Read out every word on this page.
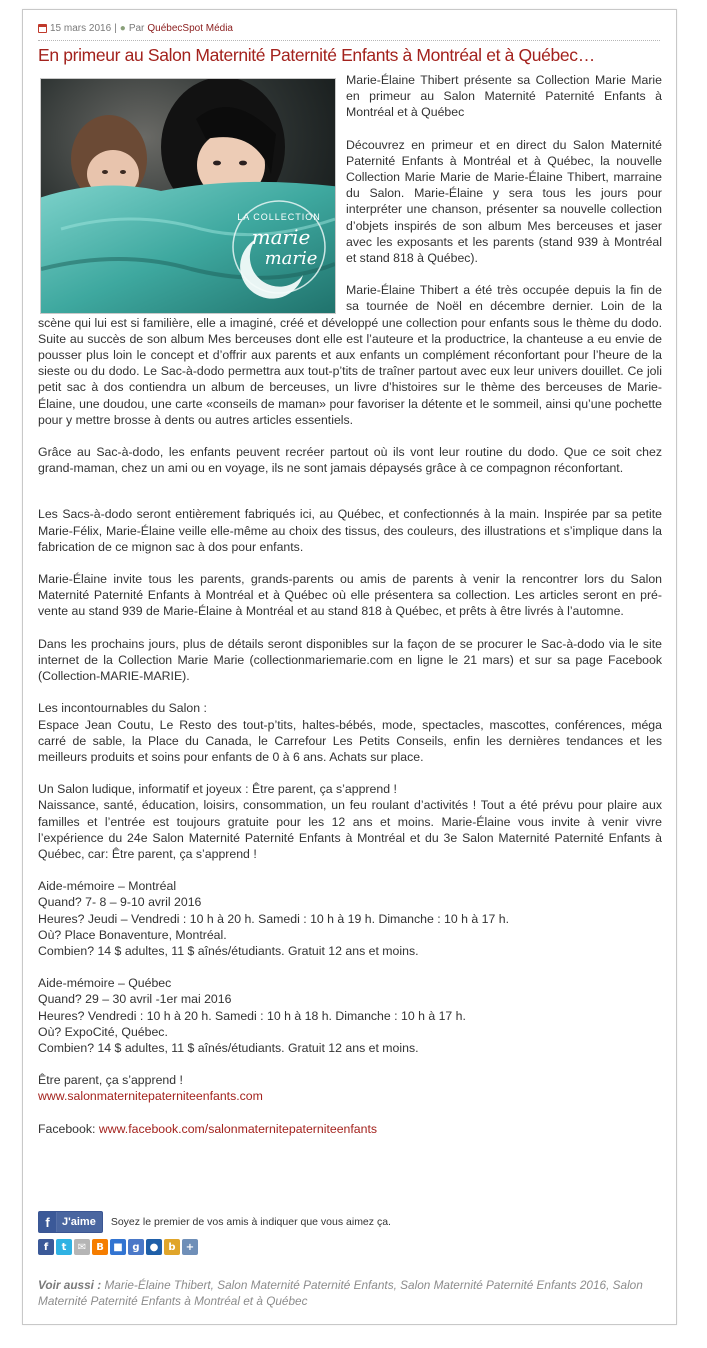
15 mars 2016 | ● Par QuébecSpot Média
En primeur au Salon Maternité Paternité Enfants à Montréal et à Québec…
LA COLLECTION
marie
marie

Marie-Élaine Thibert présente sa Collection Marie Marie en primeur au Salon Maternité Paternité Enfants à Montréal et à Québec

Découvrez en primeur et en direct du Salon Maternité Paternité Enfants à Montréal et à Québec, la nouvelle Collection Marie Marie de Marie-Élaine Thibert, marraine du Salon. Marie-Élaine y sera tous les jours pour interpréter une chanson, présenter sa nouvelle collection d’objets inspirés de son album Mes berceuses et jaser avec les exposants et les parents (stand 939 à Montréal et stand 818 à Québec).

Marie-Élaine Thibert a été très occupée depuis la fin de sa tournée de Noël en décembre dernier. Loin de la scène qui lui est si familière, elle a imaginé, créé et développé une collection pour enfants sous le thème du dodo. Suite au succès de son album Mes berceuses dont elle est l’auteure et la productrice, la chanteuse a eu envie de pousser plus loin le concept et d’offrir aux parents et aux enfants un complément réconfortant pour l’heure de la sieste ou du dodo. Le Sac-à-dodo permettra aux tout-p’tits de traîner partout avec eux leur univers douillet. Ce joli petit sac à dos contiendra un album de berceuses, un livre d’histoires sur le thème des berceuses de Marie-Élaine, une doudou, une carte «conseils de maman» pour favoriser la détente et le sommeil, ainsi qu’une pochette pour y mettre brosse à dents ou autres articles essentiels.

Grâce au Sac-à-dodo, les enfants peuvent recréer partout où ils vont leur routine du dodo. Que ce soit chez grand-maman, chez un ami ou en voyage, ils ne sont jamais dépaysés grâce à ce compagnon réconfortant.

Les Sacs-à-dodo seront entièrement fabriqués ici, au Québec, et confectionnés à la main. Inspirée par sa petite Marie-Félix, Marie-Élaine veille elle-même au choix des tissus, des couleurs, des illustrations et s’implique dans la fabrication de ce mignon sac à dos pour enfants.

Marie-Élaine invite tous les parents, grands-parents ou amis de parents à venir la rencontrer lors du Salon Maternité Paternité Enfants à Montréal et à Québec où elle présentera sa collection. Les articles seront en pré-vente au stand 939 de Marie-Élaine à Montréal et au stand 818 à Québec, et prêts à être livrés à l’automne.

Dans les prochains jours, plus de détails seront disponibles sur la façon de se procurer le Sac-à-dodo via le site internet de la Collection Marie Marie (collectionmariemarie.com en ligne le 21 mars) et sur sa page Facebook (Collection-MARIE-MARIE).

Les incontournables du Salon :
Espace Jean Coutu, Le Resto des tout-p’tits, haltes-bébés, mode, spectacles, mascottes, conférences, méga carré de sable, la Place du Canada, le Carrefour Les Petits Conseils, enfin les dernières tendances et les meilleurs produits et soins pour enfants de 0 à 6 ans. Achats sur place.

Un Salon ludique, informatif et joyeux : Être parent, ça s’apprend !
Naissance, santé, éducation, loisirs, consommation, un feu roulant d’activités ! Tout a été prévu pour plaire aux familles et l’entrée est toujours gratuite pour les 12 ans et moins. Marie-Élaine vous invite à venir vivre l’expérience du 24e Salon Maternité Paternité Enfants à Montréal et du 3e Salon Maternité Paternité Enfants à Québec, car: Être parent, ça s’apprend !

Aide-mémoire – Montréal
Quand? 7- 8 – 9-10 avril 2016
Heures? Jeudi – Vendredi : 10 h à 20 h. Samedi : 10 h à 19 h. Dimanche : 10 h à 17 h.
Où? Place Bonaventure, Montréal.
Combien? 14 $ adultes, 11 $ aînés/étudiants. Gratuit 12 ans et moins.

Aide-mémoire – Québec
Quand? 29 – 30 avril -1er mai 2016
Heures? Vendredi : 10 h à 20 h. Samedi : 10 h à 18 h. Dimanche : 10 h à 17 h.
Où? ExpoCité, Québec.
Combien? 14 $ adultes, 11 $ aînés/étudiants. Gratuit 12 ans et moins.

Être parent, ça s’apprend !
www.salonmaternitepaterniteenfants.com

Facebook: www.facebook.com/salonmaternitepaterniteenfants

f	J'aime Soyez le premier de vos amis à indiquer que vous aimez ça.
f	t	✉	B ■ g	●	b	+
Voir aussi : Marie-Élaine Thibert, Salon Maternité Paternité Enfants, Salon Maternité Paternité Enfants 2016, Salon Maternité Paternité Enfants à Montréal et à Québec
